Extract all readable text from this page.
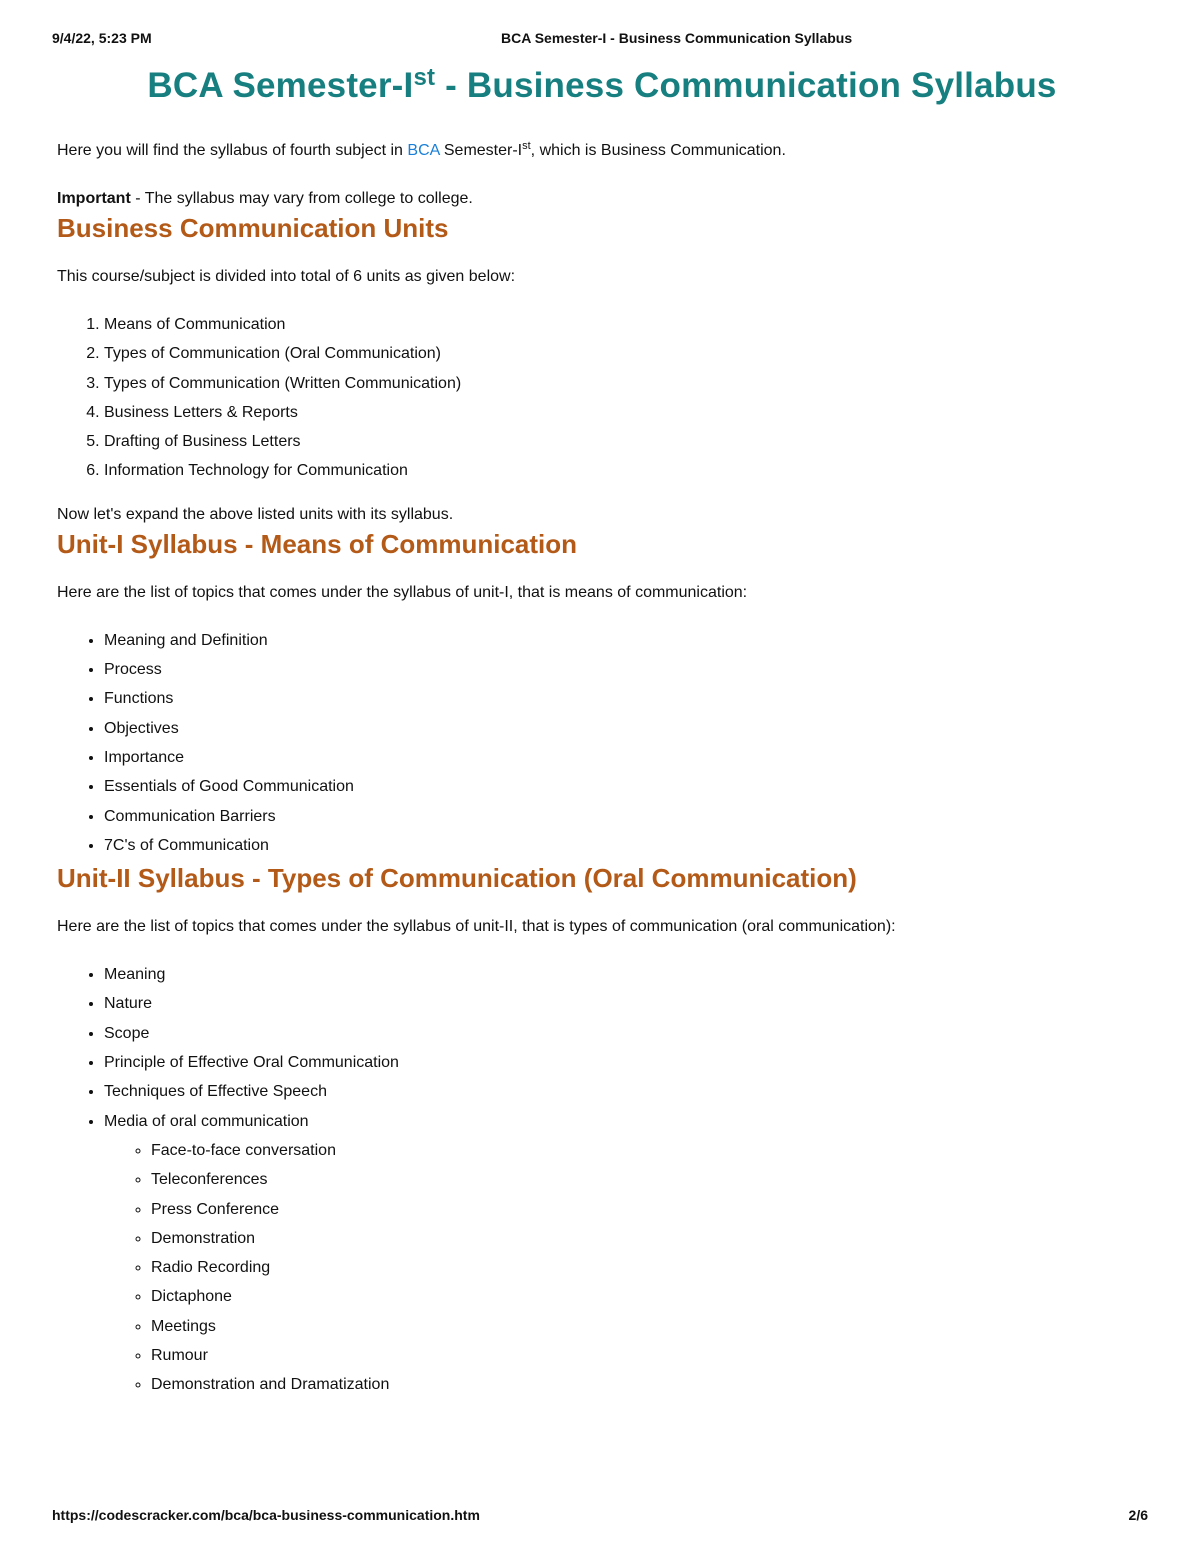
9/4/22, 5:23 PM	BCA Semester-I - Business Communication Syllabus
BCA Semester-Ist - Business Communication Syllabus

Here you will find the syllabus of fourth subject in BCA Semester-Ist, which is Business Communication.

Important - The syllabus may vary from college to college.

Business Communication Units

This course/subject is divided into total of 6 units as given below:

1. Means of Communication
2. Types of Communication (Oral Communication)
3. Types of Communication (Written Communication)
4. Business Letters & Reports
5. Drafting of Business Letters
6. Information Technology for Communication

Now let's expand the above listed units with its syllabus.

Unit-I Syllabus - Means of Communication

Here are the list of topics that comes under the syllabus of unit-I, that is means of communication:

• Meaning and Definition
• Process
• Functions
• Objectives
• Importance
• Essentials of Good Communication
• Communication Barriers
• 7C's of Communication
Unit-II Syllabus - Types of Communication (Oral Communication)

Here are the list of topics that comes under the syllabus of unit-II, that is types of communication (oral communication):

• Meaning
• Nature
• Scope
• Principle of Effective Oral Communication
• Techniques of Effective Speech
• Media of oral communication
◦ Face-to-face conversation
◦ Teleconferences
◦ Press Conference
◦ Demonstration
◦ Radio Recording
◦ Dictaphone
◦ Meetings
◦ Rumour
◦ Demonstration and Dramatization
https://codescracker.com/bca/bca-business-communication.htm	2/6
